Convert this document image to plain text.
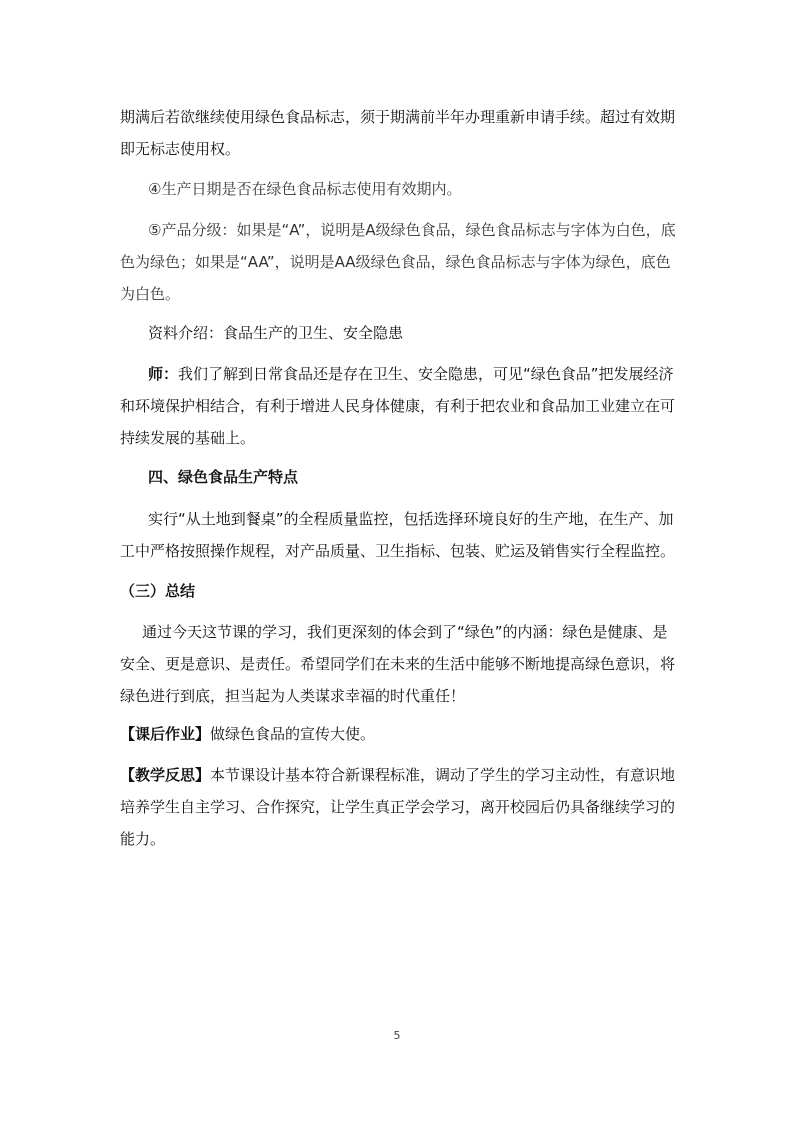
期满后若欲继续使用绿色食品标志，须于期满前半年办理重新申请手续。超过有效期即无标志使用权。

④生产日期是否在绿色食品标志使用有效期内。

⑤产品分级：如果是“A”，说明是A级绿色食品，绿色食品标志与字体为白色，底色为绿色；如果是“AA”，说明是AA级绿色食品，绿色食品标志与字体为绿色，底色为白色。

资料介绍：食品生产的卫生、安全隐患

师：我们了解到日常食品还是存在卫生、安全隐患，可见“绿色食品”把发展经济和环境保护相结合，有利于增进人民身体健康，有利于把农业和食品加工业建立在可持续发展的基础上。

四、绿色食品生产特点

实行“从土地到餐桌”的全程质量监控，包括选择环境良好的生产地，在生产、加工中严格按照操作规程，对产品质量、卫生指标、包装、贮运及销售实行全程监控。

（三）总结

通过今天这节课的学习，我们更深刻的体会到了“绿色”的内涵：绿色是健康、是安全、更是意识、是责任。希望同学们在未来的生活中能够不断地提高绿色意识，将绿色进行到底，担当起为人类谋求幸福的时代重任！

【课后作业】做绿色食品的宣传大使。

【教学反思】本节课设计基本符合新课程标准，调动了学生的学习主动性，有意识地培养学生自主学习、合作探究，让学生真正学会学习，离开校园后仍具备继续学习的能力。

5
